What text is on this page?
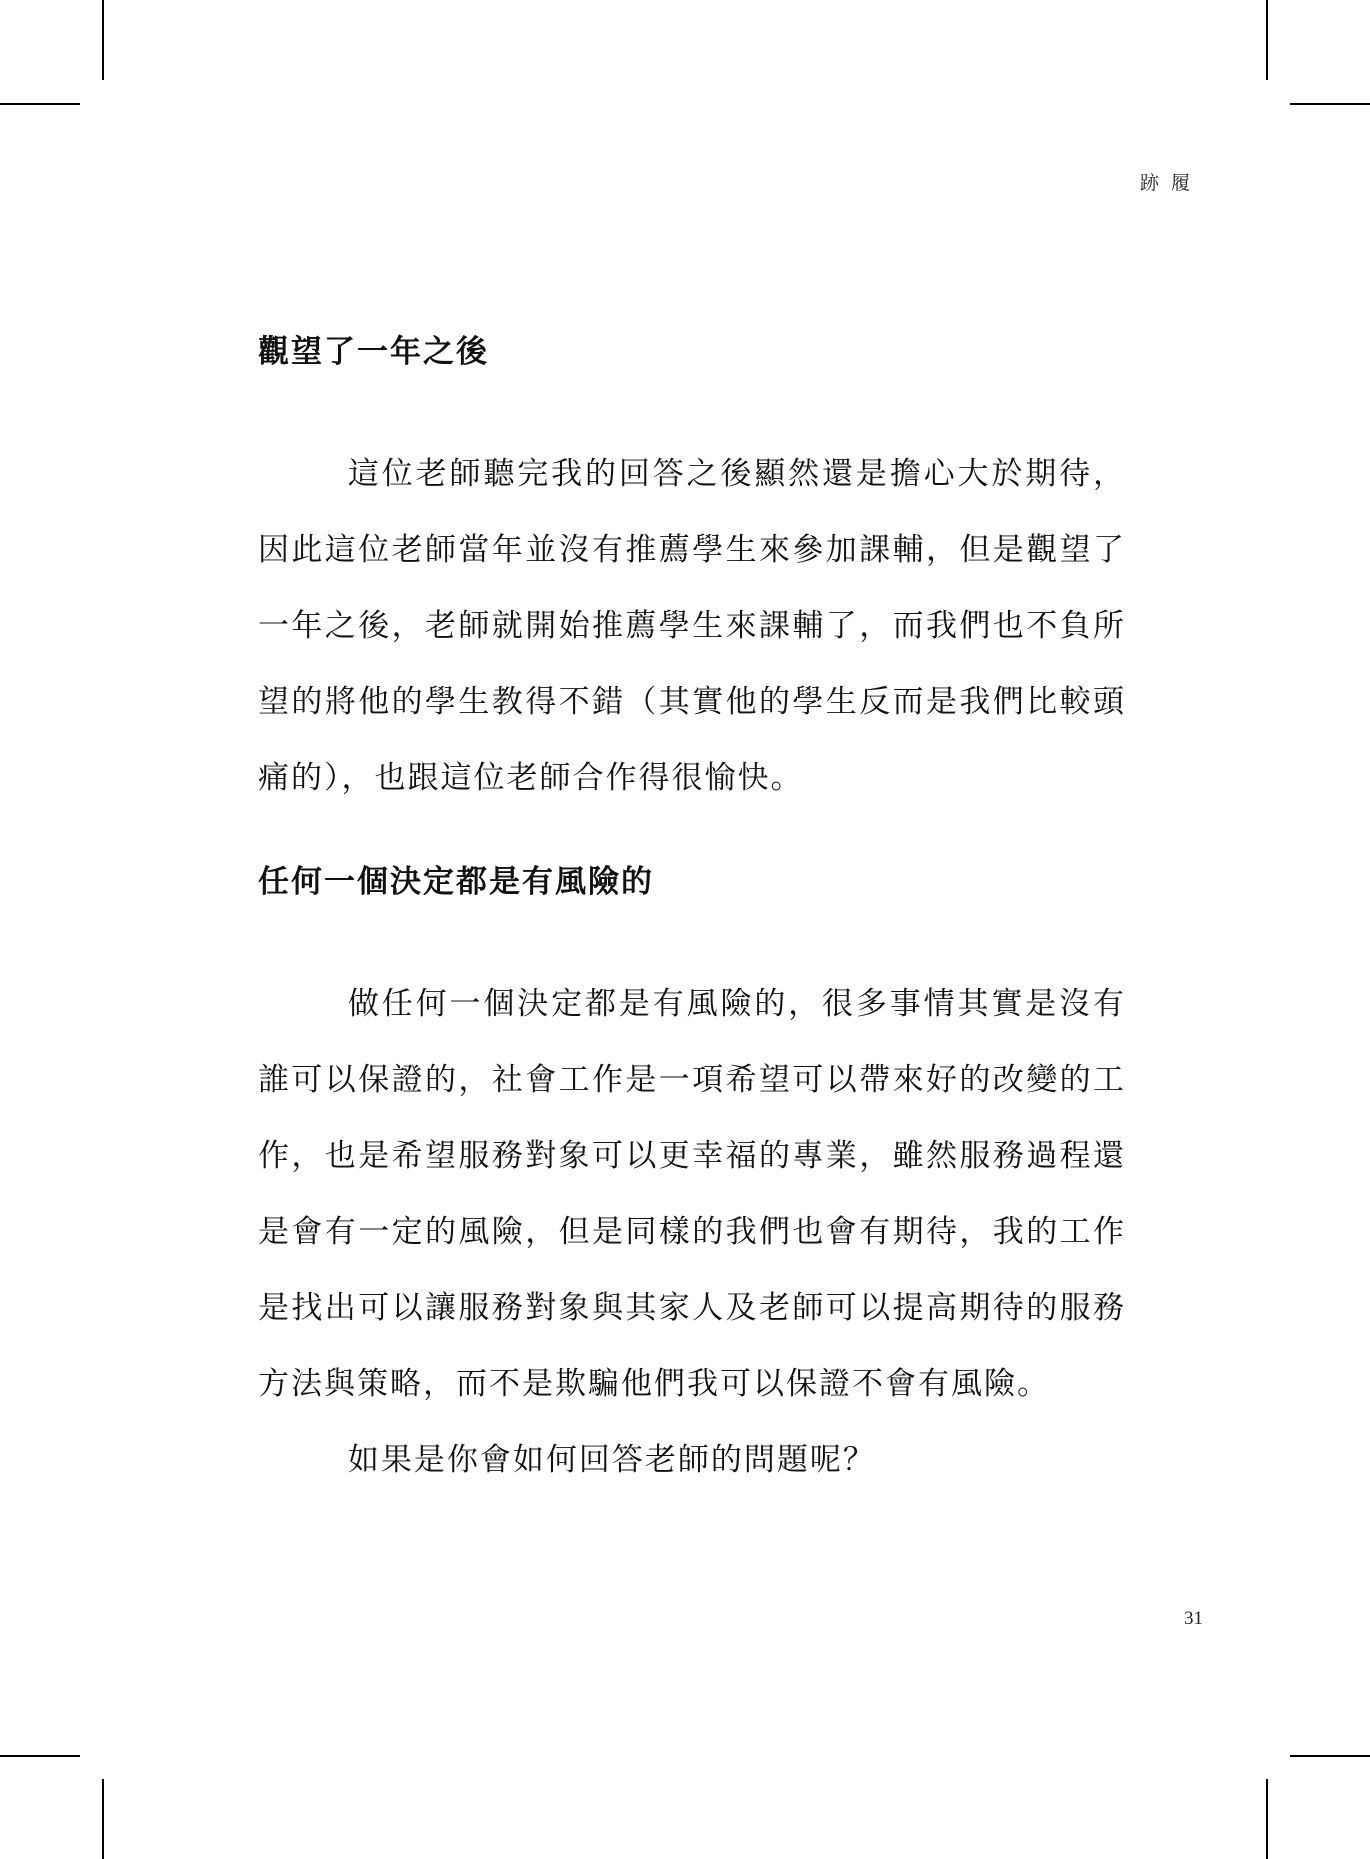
跡履
觀望了一年之後

這位老師聽完我的回答之後顯然還是擔心大於期待，因此這位老師當年並沒有推薦學生來參加課輔，但是觀望了一年之後，老師就開始推薦學生來課輔了，而我們也不負所望的將他的學生教得不錯（其實他的學生反而是我們比較頭痛的），也跟這位老師合作得很愉快。

任何一個決定都是有風險的

做任何一個決定都是有風險的，很多事情其實是沒有誰可以保證的，社會工作是一項希望可以帶來好的改變的工作，也是希望服務對象可以更幸福的專業，雖然服務過程還是會有一定的風險，但是同樣的我們也會有期待，我的工作是找出可以讓服務對象與其家人及老師可以提高期待的服務方法與策略，而不是欺騙他們我可以保證不會有風險。

如果是你會如何回答老師的問題呢？

31
